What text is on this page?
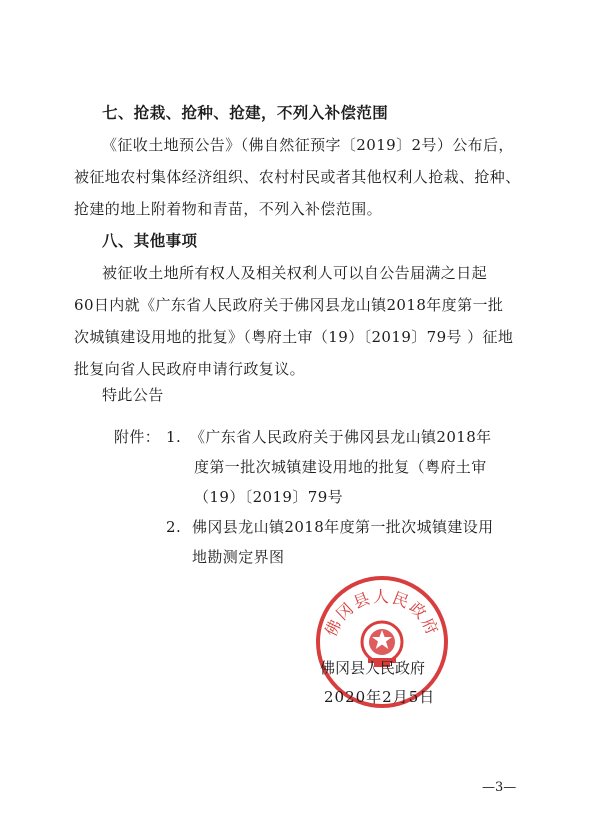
七、抢栽、抢种、抢建，不列入补偿范围
《征收土地预公告》（佛自然征预字〔2019〕2号）公布后，
被征地农村集体经济组织、农村村民或者其他权利人抢栽、抢种、
抢建的地上附着物和青苗，不列入补偿范围。
八、其他事项
被征收土地所有权人及相关权利人可以自公告届满之日起
60日内就《广东省人民政府关于佛冈县龙山镇2018年度第一批
次城镇建设用地的批复》（粤府土审（19）〔2019〕79号 ）征地
批复向省人民政府申请行政复议。
特此公告
附件： 1. 《广东省人民政府关于佛冈县龙山镇2018年
度第一批次城镇建设用地的批复（粤府土审
（19）〔2019〕79号
2. 佛冈县龙山镇2018年度第一批次城镇建设用
地勘测定界图
佛冈县人民政府
佛冈县人民政府
2020年2月5日
—3—
